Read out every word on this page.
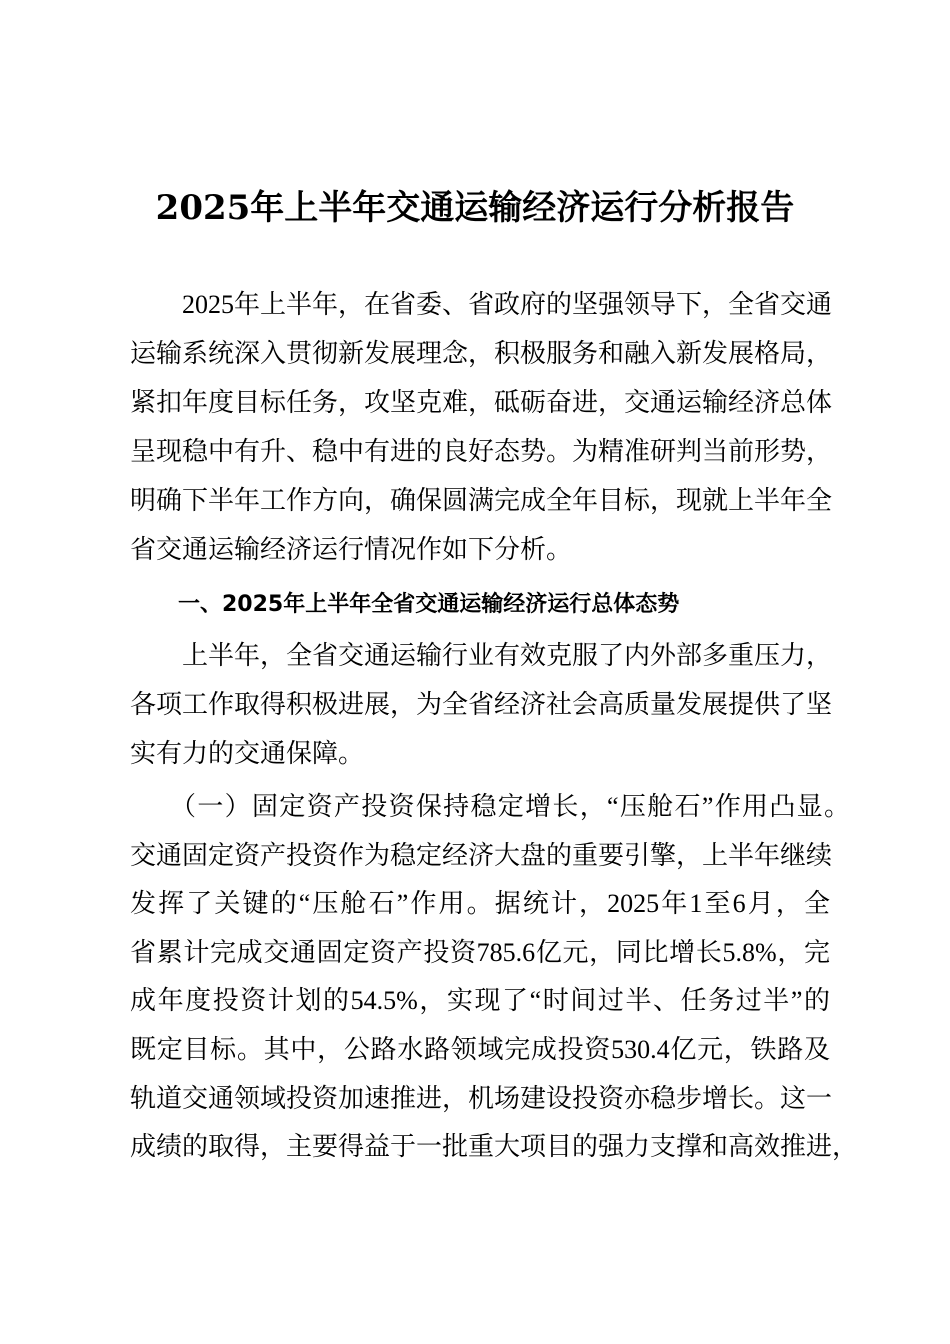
2025年上半年交通运输经济运行分析报告
2025年上半年，在省委、省政府的坚强领导下，全省交通
运输系统深入贯彻新发展理念，积极服务和融入新发展格局，
紧扣年度目标任务，攻坚克难，砥砺奋进，交通运输经济总体
呈现稳中有升、稳中有进的良好态势。为精准研判当前形势，
明确下半年工作方向，确保圆满完成全年目标，现就上半年全
省交通运输经济运行情况作如下分析。
一、2025年上半年全省交通运输经济运行总体态势
上半年，全省交通运输行业有效克服了内外部多重压力，
各项工作取得积极进展，为全省经济社会高质量发展提供了坚
实有力的交通保障。
（一）固定资产投资保持稳定增长，“压舱石”作用凸显。
交通固定资产投资作为稳定经济大盘的重要引擎，上半年继续
发挥了关键的“压舱石”作用。据统计，2025年1至6月，全
省累计完成交通固定资产投资785.6亿元，同比增长5.8%，完
成年度投资计划的54.5%，实现了“时间过半、任务过半”的
既定目标。其中，公路水路领域完成投资530.4亿元，铁路及
轨道交通领域投资加速推进，机场建设投资亦稳步增长。这一
成绩的取得，主要得益于一批重大项目的强力支撑和高效推进，
